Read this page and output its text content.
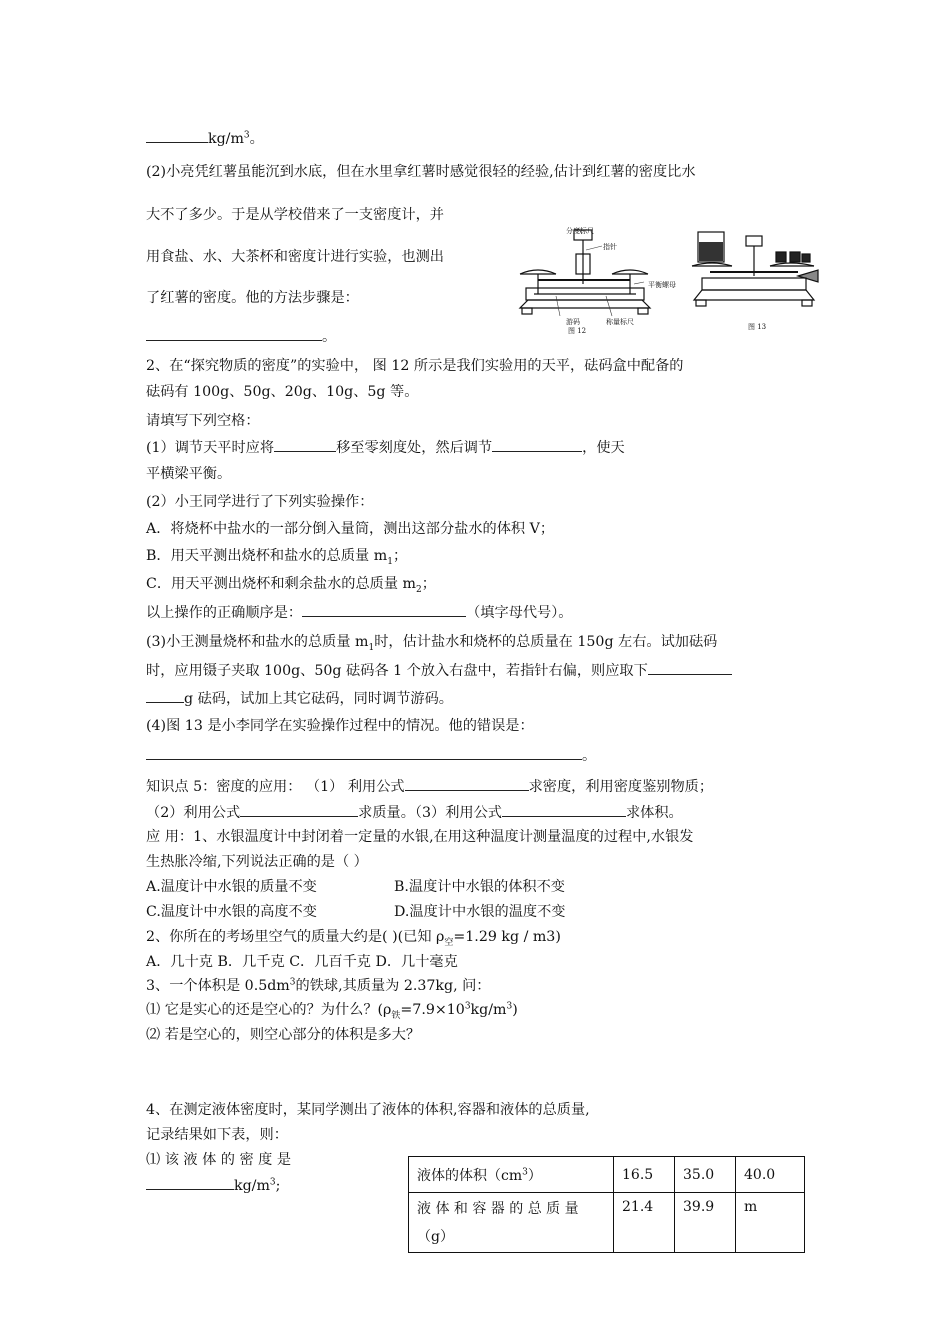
$kg/m^3$。
(2)小亮凭红薯虽能沉到水底，但在水里拿红薯时感觉很轻的经验,估计到红薯的密度比水
大不了多少。于是从学校借来了一支密度计，并
用食盐、水、大茶杯和密度计进行实验，也测出
了红薯的密度。他的方法步骤是：
。
分度标尺
指针
平衡螺母
游码	称量标尺
图 12	图 13
2、在“探究物质的密度”的实验中， 图 12 所示是我们实验用的天平，砝码盒中配备的
砝码有 100g、50g、20g、10g、5g 等。
请填写下列空格：
(1）调节天平时应将	移至零刻度处，然后调节	，使天
平横梁平衡。
(2）小王同学进行了下列实验操作：
A．将烧杯中盐水的一部分倒入量筒，测出这部分盐水的体积 V；
B．用天平测出烧杯和盐水的总质量 $m_1$；
C．用天平测出烧杯和剩余盐水的总质量 $m_2$；
以上操作的正确顺序是：	（填字母代号）。
(3)小王测量烧杯和盐水的总质量 $m_1$时，估计盐水和烧杯的总质量在 150g 左右。试加砝码
时，应用镊子夹取 100g、50g 砝码各 1 个放入右盘中，若指针右偏，则应取下
g 砝码，试加上其它砝码，同时调节游码。
(4)图 13 是小李同学在实验操作过程中的情况。他的错误是：
。
知识点 5：密度的应用： （1） 利用公式	求密度，利用密度鉴别物质；
（2）利用公式	求质量。（3）利用公式	求体积。
应 用：1、水银温度计中封闭着一定量的水银,在用这种温度计测量温度的过程中,水银发
生热胀冷缩,下列说法正确的是（ ）
A.温度计中水银的质量不变	B.温度计中水银的体积不变
C.温度计中水银的高度不变	D.温度计中水银的温度不变
2、你所在的考场里空气的质量大约是( )(已知 $\rho_空=1.29$ kg / m3)
A．几十克 B．几千克 C．几百千克 D．几十毫克
3、一个体积是 $0.5dm^3$的铁球,其质量为 2.37kg, 问：
⑴ 它是实心的还是空心的？为什么？$(\rho_铁=7.9\times 10^3kg/m^3)$
⑵ 若是空心的，则空心部分的体积是多大？
4、在测定液体密度时，某同学测出了液体的体积,容器和液体的总质量,
记录结果如下表，则：
⑴ 该 液 体 的 密 度 是
$kg/m^3$;
液体的体积$(cm^3)$	16.5	35.0	40.0

液 体 和 容 器 的 总 质 量
（g）	21.4	39.9	m
